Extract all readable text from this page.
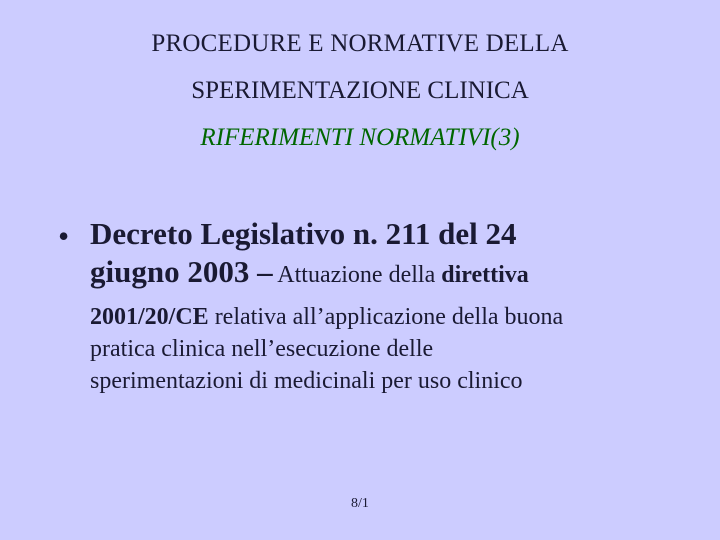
PROCEDURE E NORMATIVE DELLA
SPERIMENTAZIONE CLINICA
RIFERIMENTI NORMATIVI(3)
• Decreto Legislativo n. 211 del 24
giugno 2003 – Attuazione della direttiva
2001/20/CE relativa all’applicazione della buona
pratica clinica nell’esecuzione delle
sperimentazioni di medicinali per uso clinico
8/1
